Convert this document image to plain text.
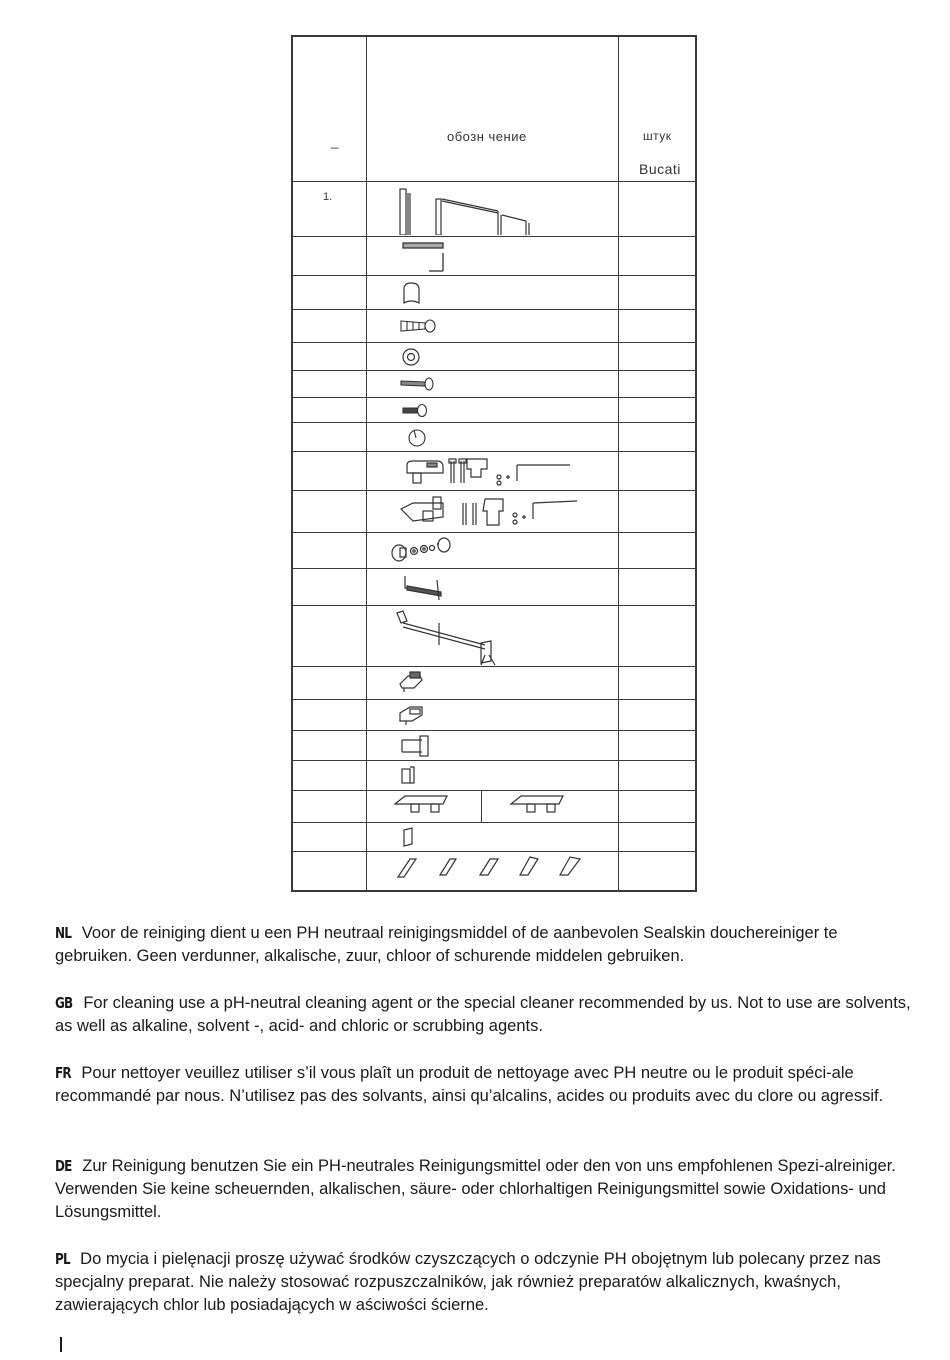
_	обозн чение	штук
Bucati
1.
NL Voor de reiniging dient u een PH neutraal reinigingsmiddel of de aanbevolen Sealskin douchereiniger te gebruiken. Geen verdunner, alkalische, zuur, chloor of schurende middelen gebruiken.
GB For cleaning use a pH-neutral cleaning agent or the special cleaner recommended by us. Not to use are solvents, as well as alkaline, solvent -, acid- and chloric or scrubbing agents.
FR Pour nettoyer veuillez utiliser s’il vous plaît un produit de nettoyage avec PH neutre ou le produit spéci-ale recommandé par nous. N’utilisez pas des solvants, ainsi qu’alcalins, acides ou produits avec du clore ou agressif.
DE Zur Reinigung benutzen Sie ein PH-neutrales Reinigungsmittel oder den von uns empfohlenen Spezi-alreiniger. Verwenden Sie keine scheuernden, alkalischen, säure- oder chlorhaltigen Reinigungsmittel sowie Oxidations- und Lösungsmittel.
PL Do mycia i pielęnacji proszę używać środków czyszczących o odczynie PH obojętnym lub polecany przez nas specjalny preparat. Nie należy stosować rozpuszczalników, jak również preparatów alkalicznych, kwaśnych, zawierających chlor lub posiadających w aściwości ścierne.
